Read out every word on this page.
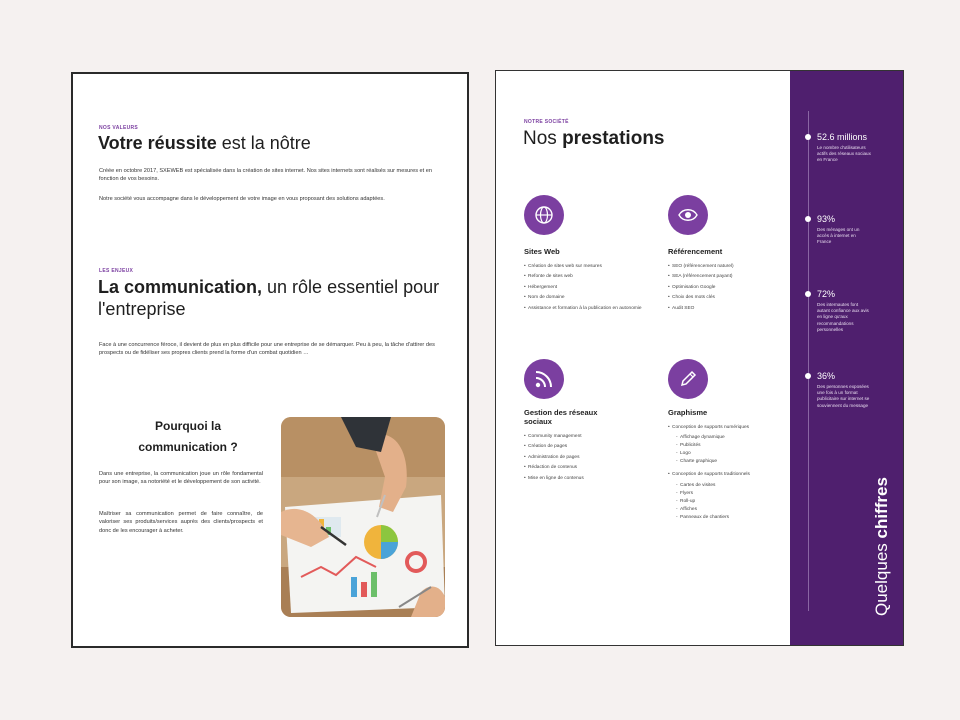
NOS VALEURS
Votre réussite est la nôtre

Créée en octobre 2017, SXEWEB est spécialisée dans la création de sites internet. Nos sites internets sont réalisés sur mesures et en fonction de vos besoins.

Notre société vous accompagne dans le développement de votre image en vous proposant des solutions adaptées.

LES ENJEUX
La communication, un rôle essentiel pour l'entreprise

Face à une concurrence féroce, il devient de plus en plus difficile pour une entreprise de se démarquer. Peu à peu, la tâche d'attirer des prospects ou de fidéliser ses propres clients prend la forme d'un combat quotidien …

Pourquoi la communication ?

Dans une entreprise, la communication joue un rôle fondamental pour son image, sa notoriété et le développement de son activité.

Maîtriser sa communication permet de faire connaître, de valoriser ses produits/services auprès des clients/prospects et donc de les encourager à acheter.

NOTRE SOCIÉTÉ
Nos prestations
Sites Web
• Création de sites web sur mesures
• Refonte de sites web
• Hébergement
• Nom de domaine
• Assistance et formation à la publication en autonomie
Référencement
• SEO (référencement naturel)
• SEA (référencement payant)
• Optimisation Google
• Choix des mots clés
• Audit SEO
Gestion des réseaux sociaux
• Community management
• Création de pages
• Administration de pages
• Rédaction de contenus
• Mise en ligne de contenus
Graphisme
• Conception de supports numériques
- Affichage dynamique
- Publicités
- Logo
- Charte graphique
• Conception de supports traditionnels
- Cartes de visites
- Flyers
- Roll-up
- Affiches
- Panneaux de chantiers

52.6 millions

Le nombre d'utilisateurs actifs des réseaux sociaux en France

93%

Des ménages ont un accès à internet en France

72%

Des internautes font autant confiance aux avis en ligne qu'aux recommandations personnelles

36%

Des personnes exposées une fois à un format publicitaire sur internet se souviennent du message

Quelques chiffres
